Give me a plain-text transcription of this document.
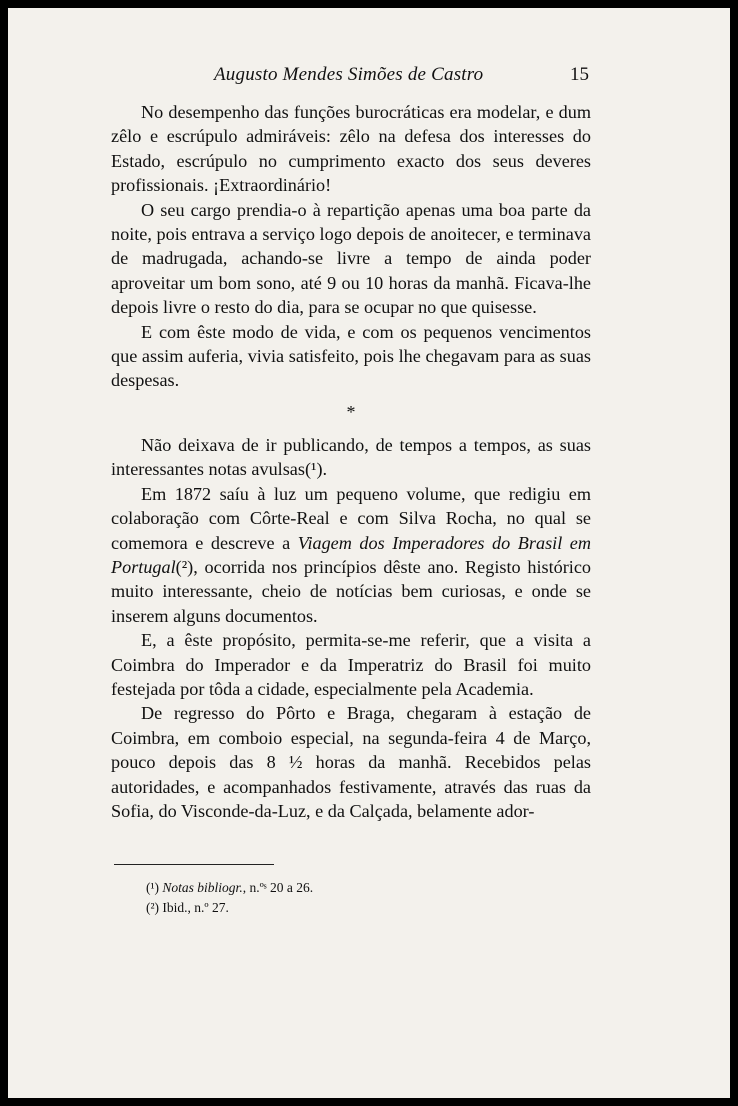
Augusto Mendes Simões de Castro	15

No desempenho das funções burocráticas era modelar, e dum zêlo e escrúpulo admiráveis: zêlo na defesa dos interesses do Estado, escrúpulo no cumprimento exacto dos seus deveres profissionais. ¡Extraordinário!

O seu cargo prendia-o à repartição apenas uma boa parte da noite, pois entrava a serviço logo depois de anoitecer, e terminava de madrugada, achando-se livre a tempo de ainda poder aproveitar um bom sono, até 9 ou 10 horas da manhã. Ficava-lhe depois livre o resto do dia, para se ocupar no que quisesse.

E com êste modo de vida, e com os pequenos vencimentos que assim auferia, vivia satisfeito, pois lhe chegavam para as suas despesas.

*

Não deixava de ir publicando, de tempos a tempos, as suas interessantes notas avulsas(¹).

Em 1872 saíu à luz um pequeno volume, que redigiu em colaboração com Côrte-Real e com Silva Rocha, no qual se comemora e descreve a Viagem dos Imperadores do Brasil em Portugal(²), ocorrida nos princípios dêste ano. Registo histórico muito interessante, cheio de notícias bem curiosas, e onde se inserem alguns documentos.

E, a êste propósito, permita-se-me referir, que a visita a Coimbra do Imperador e da Imperatriz do Brasil foi muito festejada por tôda a cidade, especialmente pela Academia.

De regresso do Pôrto e Braga, chegaram à estação de Coimbra, em comboio especial, na segunda-feira 4 de Março, pouco depois das 8 ½ horas da manhã. Recebidos pelas autoridades, e acompanhados festivamente, através das ruas da Sofia, do Visconde-da-Luz, e da Calçada, belamente ador-

(¹) Notas bibliogr., n.ºˢ 20 a 26.
(²) Ibid., n.º 27.
